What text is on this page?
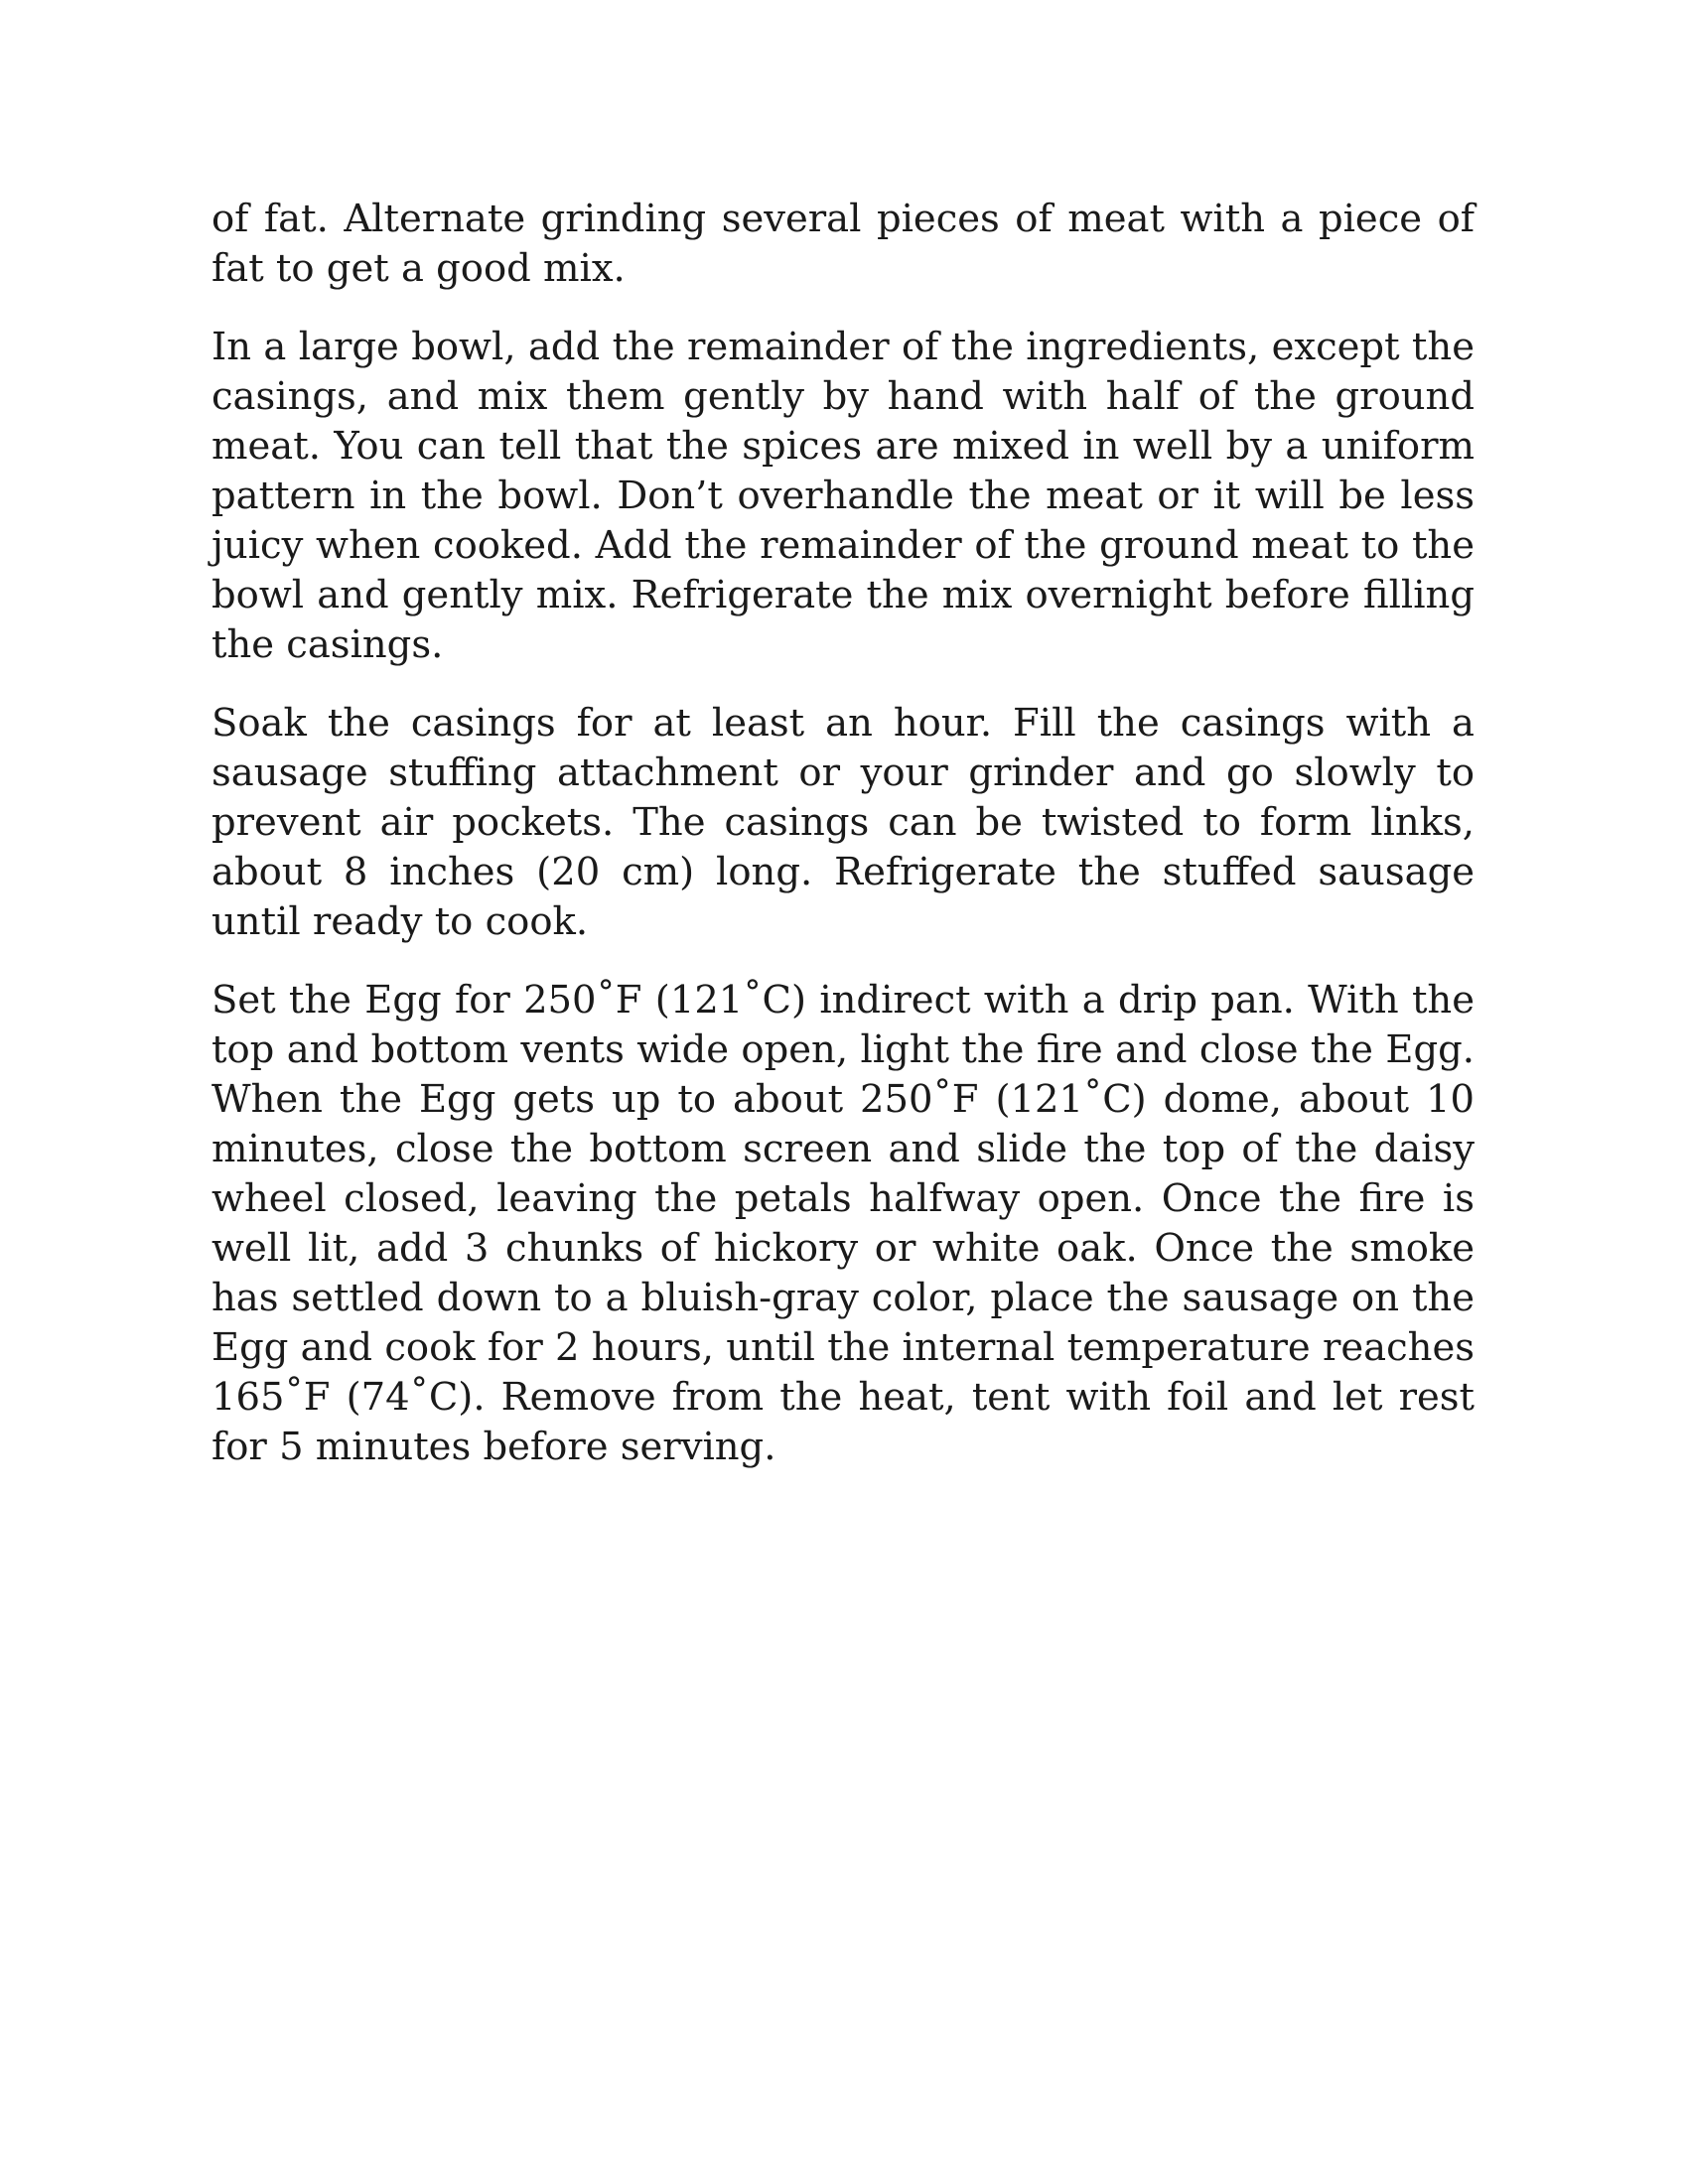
of fat. Alternate grinding several pieces of meat with a piece of fat to get a good mix.

In a large bowl, add the remainder of the ingredients, except the casings, and mix them gently by hand with half of the ground meat. You can tell that the spices are mixed in well by a uniform pattern in the bowl. Don’t overhandle the meat or it will be less juicy when cooked. Add the remainder of the ground meat to the bowl and gently mix. Refrigerate the mix overnight before filling the casings.

Soak the casings for at least an hour. Fill the casings with a sausage stuffing attachment or your grinder and go slowly to prevent air pockets. The casings can be twisted to form links, about 8 inches (20 cm) long. Refrigerate the stuffed sausage until ready to cook.

Set the Egg for 250˚F (121˚C) indirect with a drip pan. With the top and bottom vents wide open, light the fire and close the Egg. When the Egg gets up to about 250˚F (121˚C) dome, about 10 minutes, close the bottom screen and slide the top of the daisy wheel closed, leaving the petals halfway open. Once the fire is well lit, add 3 chunks of hickory or white oak. Once the smoke has settled down to a bluish-gray color, place the sausage on the Egg and cook for 2 hours, until the internal temperature reaches 165˚F (74˚C). Remove from the heat, tent with foil and let rest for 5 minutes before serving.
